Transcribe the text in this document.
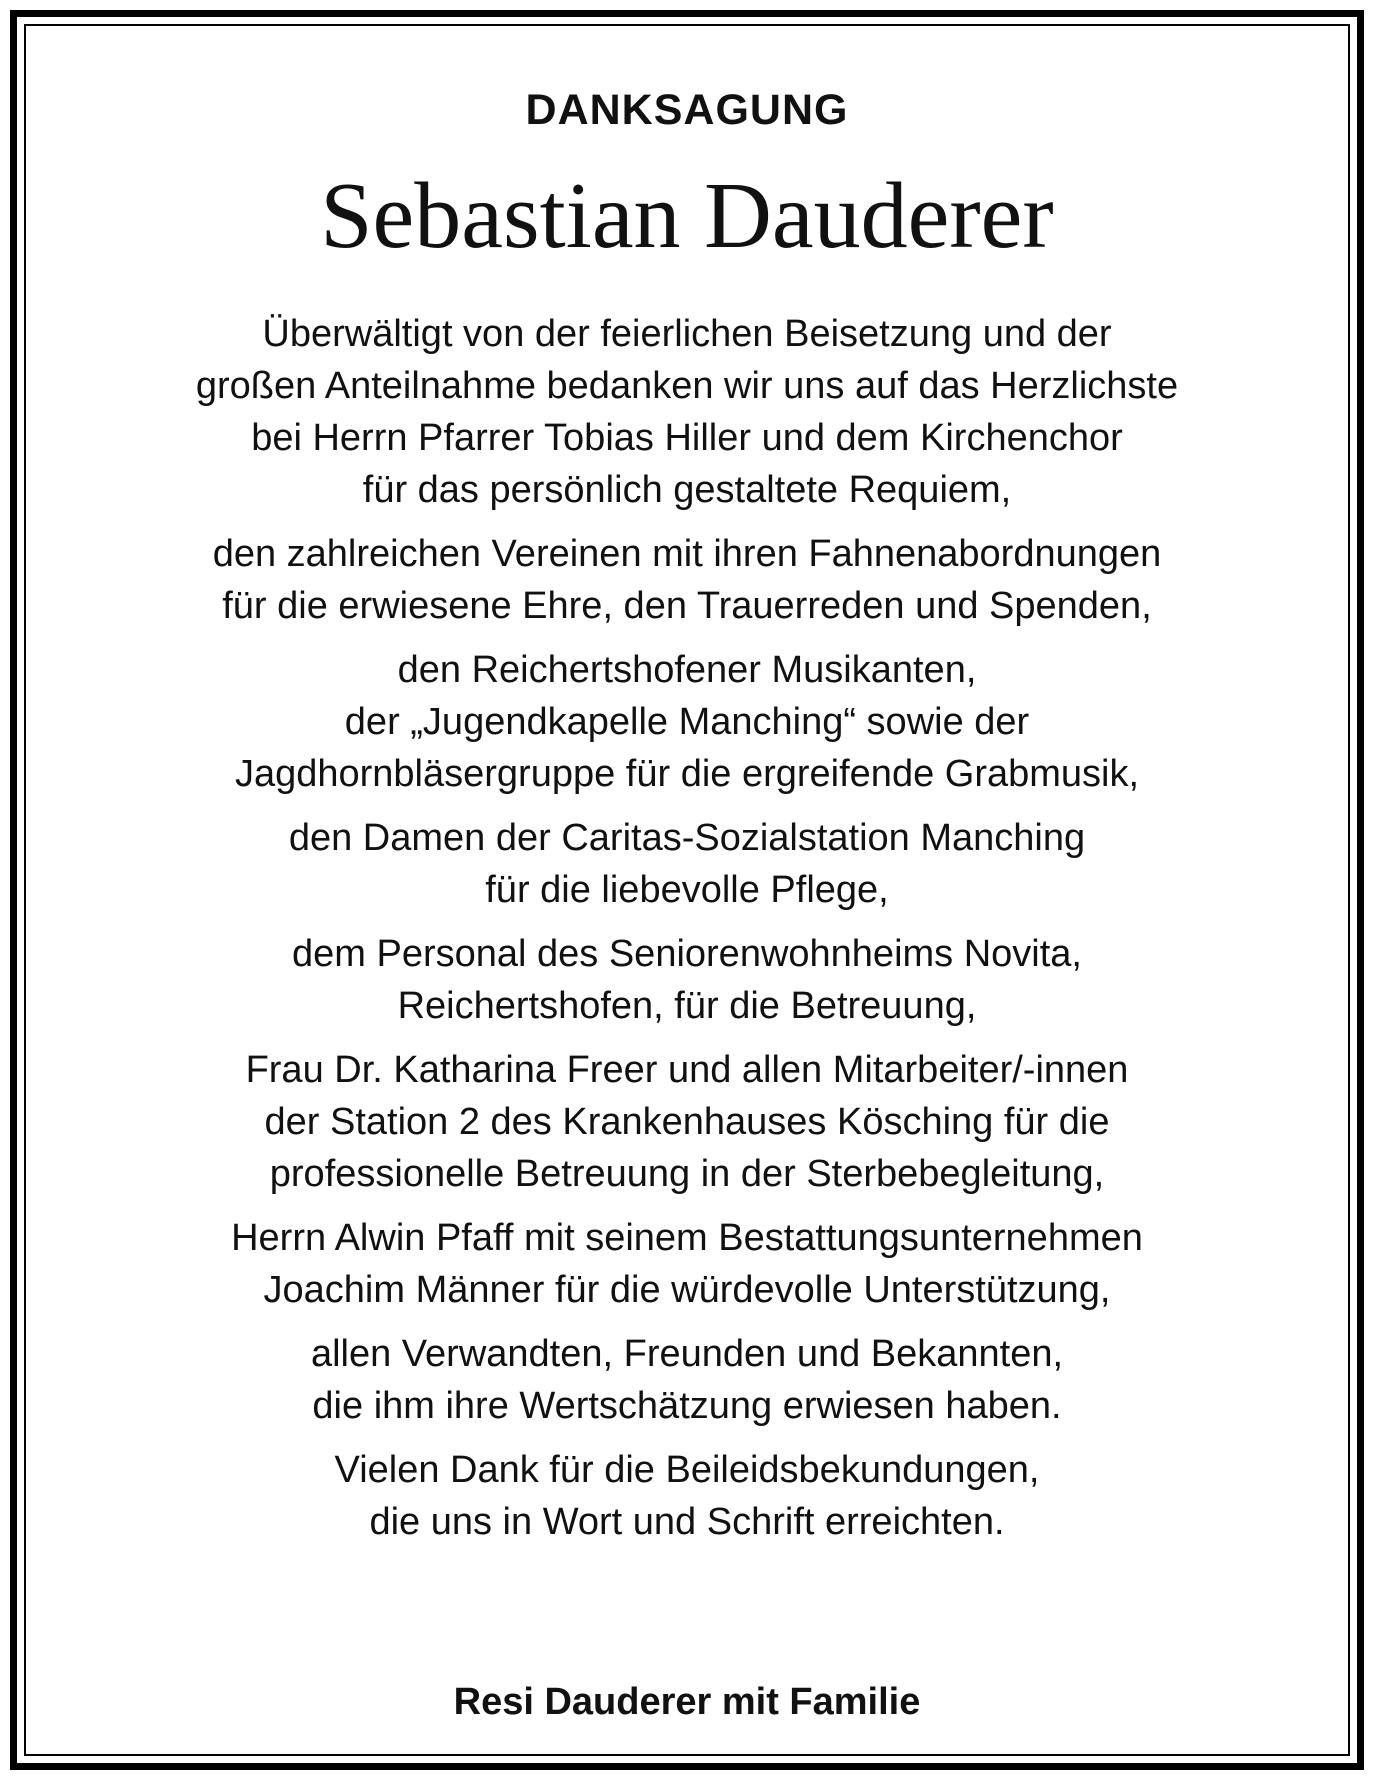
DANKSAGUNG
Sebastian Dauderer

Überwältigt von der feierlichen Beisetzung und der
großen Anteilnahme bedanken wir uns auf das Herzlichste
bei Herrn Pfarrer Tobias Hiller und dem Kirchenchor
für das persönlich gestaltete Requiem,

den zahlreichen Vereinen mit ihren Fahnenabordnungen
für die erwiesene Ehre, den Trauerreden und Spenden,

den Reichertshofener Musikanten,
der „Jugendkapelle Manching“ sowie der
Jagdhornbläsergruppe für die ergreifende Grabmusik,

den Damen der Caritas-Sozialstation Manching
für die liebevolle Pflege,

dem Personal des Seniorenwohnheims Novita,
Reichertshofen, für die Betreuung,

Frau Dr. Katharina Freer und allen Mitarbeiter/-innen
der Station 2 des Krankenhauses Kösching für die
professionelle Betreuung in der Sterbebegleitung,

Herrn Alwin Pfaff mit seinem Bestattungsunternehmen
Joachim Männer für die würdevolle Unterstützung,

allen Verwandten, Freunden und Bekannten,
die ihm ihre Wertschätzung erwiesen haben.

Vielen Dank für die Beileidsbekundungen,
die uns in Wort und Schrift erreichten.

Resi Dauderer mit Familie
